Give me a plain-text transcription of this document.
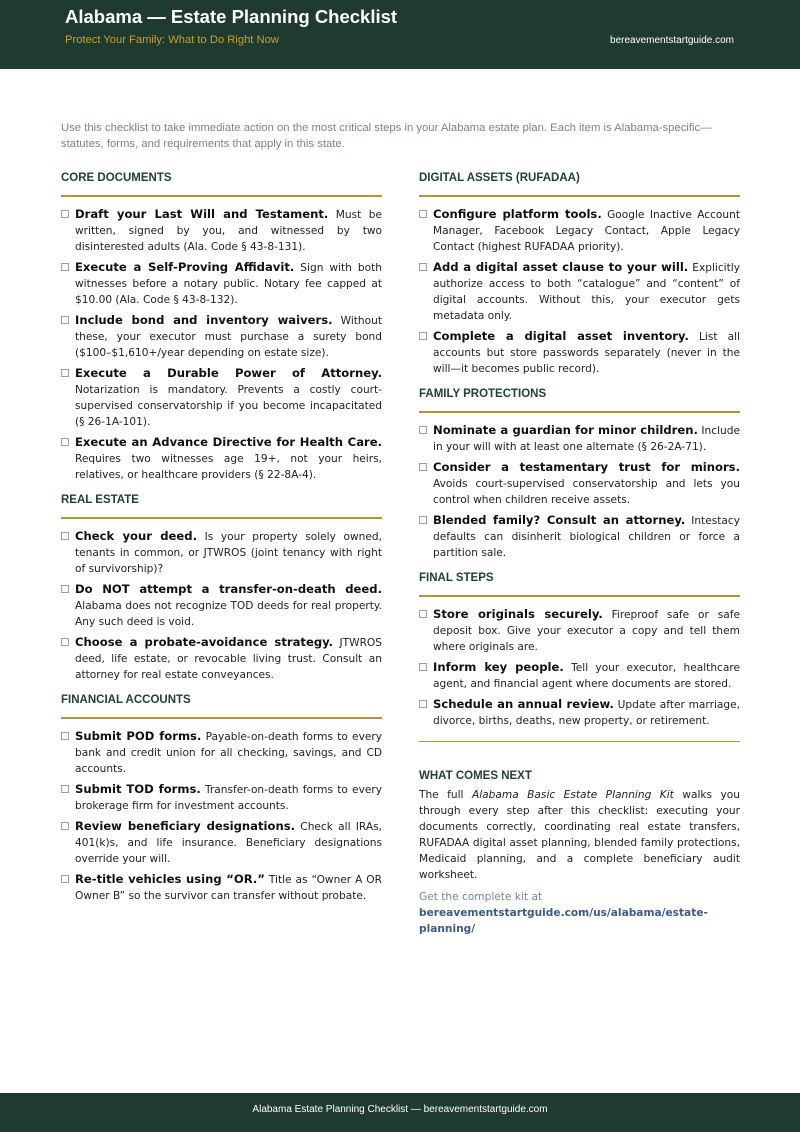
Alabama — Estate Planning Checklist
Protect Your Family: What to Do Right Now	bereavementstartguide.com

Use this checklist to take immediate action on the most critical steps in your Alabama estate plan. Each item is Alabama-specific—statutes, forms, and requirements that apply in this state.

CORE DOCUMENTS
Draft your Last Will and Testament. Must be written, signed by you, and witnessed by two disinterested adults (Ala. Code § 43-8-131).
Execute a Self-Proving Affidavit. Sign with both witnesses before a notary public. Notary fee capped at $10.00 (Ala. Code § 43-8-132).
Include bond and inventory waivers. Without these, your executor must purchase a surety bond ($100–$1,610+/year depending on estate size).
Execute a Durable Power of Attorney. Notarization is mandatory. Prevents a costly court-supervised conservatorship if you become incapacitated (§ 26-1A-101).
Execute an Advance Directive for Health Care. Requires two witnesses age 19+, not your heirs, relatives, or healthcare providers (§ 22-8A-4).
REAL ESTATE
Check your deed. Is your property solely owned, tenants in common, or JTWROS (joint tenancy with right of survivorship)?
Do NOT attempt a transfer-on-death deed. Alabama does not recognize TOD deeds for real property. Any such deed is void.
Choose a probate-avoidance strategy. JTWROS deed, life estate, or revocable living trust. Consult an attorney for real estate conveyances.
FINANCIAL ACCOUNTS
Submit POD forms. Payable-on-death forms to every bank and credit union for all checking, savings, and CD accounts.
Submit TOD forms. Transfer-on-death forms to every brokerage firm for investment accounts.
Review beneficiary designations. Check all IRAs, 401(k)s, and life insurance. Beneficiary designations override your will.
Re-title vehicles using “OR.” Title as “Owner A OR Owner B” so the survivor can transfer without probate.
DIGITAL ASSETS (RUFADAA)
Configure platform tools. Google Inactive Account Manager, Facebook Legacy Contact, Apple Legacy Contact (highest RUFADAA priority).
Add a digital asset clause to your will. Explicitly authorize access to both “catalogue” and “content” of digital accounts. Without this, your executor gets metadata only.
Complete a digital asset inventory. List all accounts but store passwords separately (never in the will—it becomes public record).
FAMILY PROTECTIONS
Nominate a guardian for minor children. Include in your will with at least one alternate (§ 26-2A-71).
Consider a testamentary trust for minors. Avoids court-supervised conservatorship and lets you control when children receive assets.
Blended family? Consult an attorney. Intestacy defaults can disinherit biological children or force a partition sale.
FINAL STEPS
Store originals securely. Fireproof safe or safe deposit box. Give your executor a copy and tell them where originals are.
Inform key people. Tell your executor, healthcare agent, and financial agent where documents are stored.
Schedule an annual review. Update after marriage, divorce, births, deaths, new property, or retirement.
WHAT COMES NEXT

The full Alabama Basic Estate Planning Kit walks you through every step after this checklist: executing your documents correctly, coordinating real estate transfers, RUFADAA digital asset planning, blended family protections, Medicaid planning, and a complete beneficiary audit worksheet.

Get the complete kit at
bereavementstartguide.com/us/alabama/estate-planning/
Alabama Estate Planning Checklist — bereavementstartguide.com
